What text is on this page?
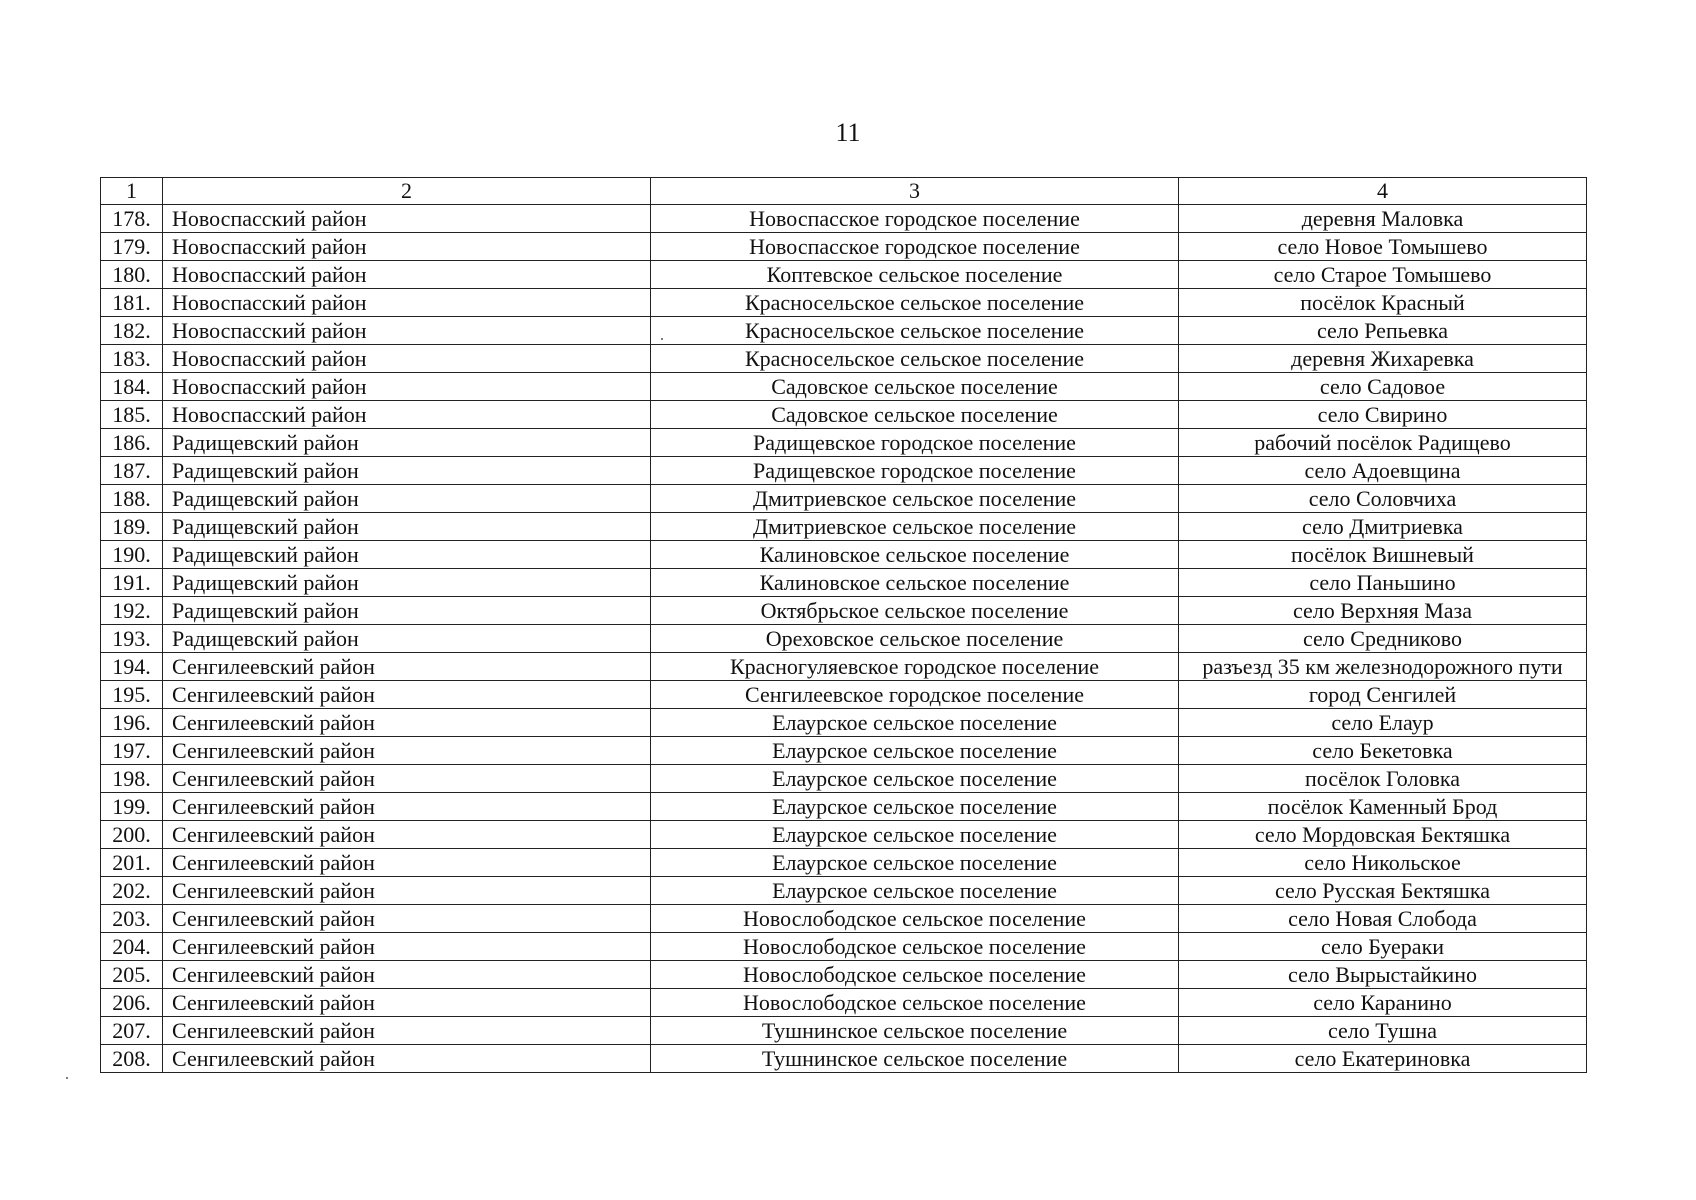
11
1	2	3	4
178.	Новоспасский район	Новоспасское городское поселение	деревня Маловка
179.	Новоспасский район	Новоспасское городское поселение	село Новое Томышево
180.	Новоспасский район	Коптевское сельское поселение	село Старое Томышево
181.	Новоспасский район	Красносельское сельское поселение	посёлок Красный
182.	Новоспасский район	Красносельское сельское поселение	село Репьевка
183.	Новоспасский район	Красносельское сельское поселение	деревня Жихаревка
184.	Новоспасский район	Садовское сельское поселение	село Садовое
185.	Новоспасский район	Садовское сельское поселение	село Свирино
186.	Радищевский район	Радищевское городское поселение	рабочий посёлок Радищево
187.	Радищевский район	Радищевское городское поселение	село Адоевщина
188.	Радищевский район	Дмитриевское сельское поселение	село Соловчиха
189.	Радищевский район	Дмитриевское сельское поселение	село Дмитриевка
190.	Радищевский район	Калиновское сельское поселение	посёлок Вишневый
191.	Радищевский район	Калиновское сельское поселение	село Паньшино
192.	Радищевский район	Октябрьское сельское поселение	село Верхняя Маза
193.	Радищевский район	Ореховское сельское поселение	село Средниково
194.	Сенгилеевский район	Красногуляевское городское поселение	разъезд 35 км железнодорожного пути
195.	Сенгилеевский район	Сенгилеевское городское поселение	город Сенгилей
196.	Сенгилеевский район	Елаурское сельское поселение	село Елаур
197.	Сенгилеевский район	Елаурское сельское поселение	село Бекетовка
198.	Сенгилеевский район	Елаурское сельское поселение	посёлок Головка
199.	Сенгилеевский район	Елаурское сельское поселение	посёлок Каменный Брод
200.	Сенгилеевский район	Елаурское сельское поселение	село Мордовская Бектяшка
201.	Сенгилеевский район	Елаурское сельское поселение	село Никольское
202.	Сенгилеевский район	Елаурское сельское поселение	село Русская Бектяшка
203.	Сенгилеевский район	Новослободское сельское поселение	село Новая Слобода
204.	Сенгилеевский район	Новослободское сельское поселение	село Буераки
205.	Сенгилеевский район	Новослободское сельское поселение	село Вырыстайкино
206.	Сенгилеевский район	Новослободское сельское поселение	село Каранино
207.	Сенгилеевский район	Тушнинское сельское поселение	село Тушна
208.	Сенгилеевский район	Тушнинское сельское поселение	село Екатериновка
